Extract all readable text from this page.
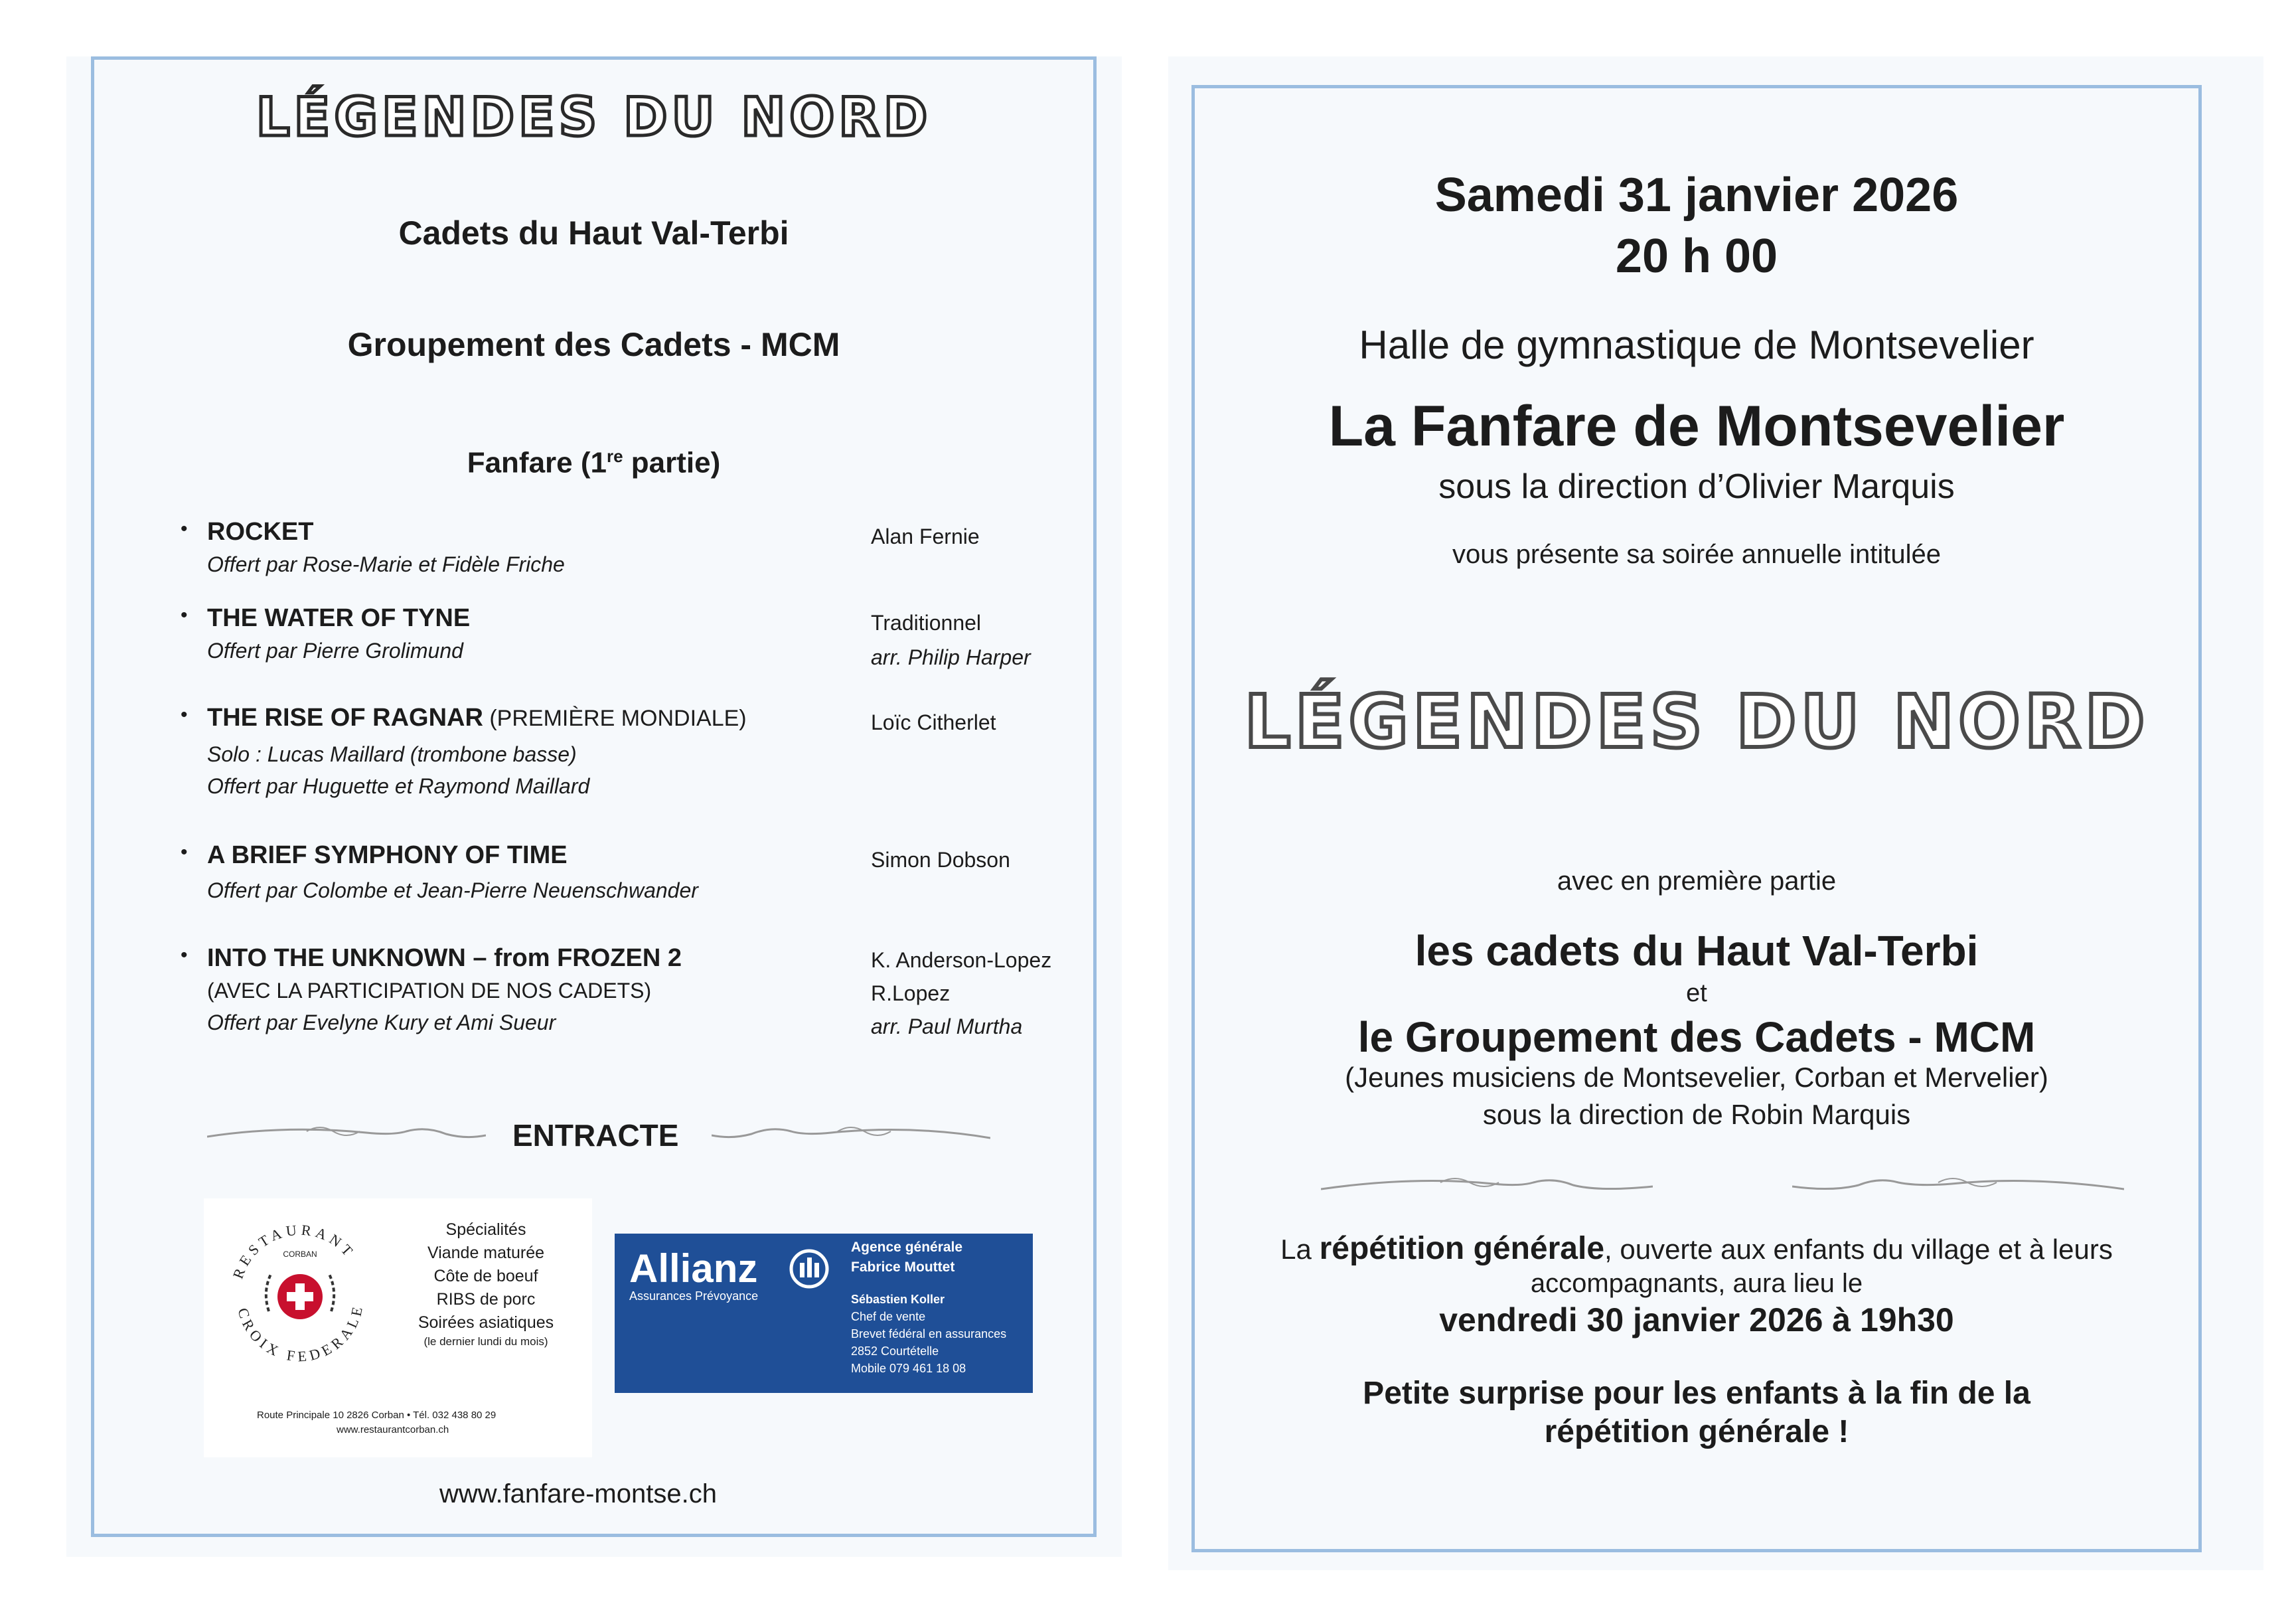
LÉGENDES DU NORD
Cadets du Haut Val-Terbi
Groupement des Cadets - MCM
Fanfare (1re partie)
• ROCKET
Offert par Rose-Marie et Fidèle Friche
Alan Fernie
• THE WATER OF TYNE
Offert par Pierre Grolimund
Traditionnel
arr. Philip Harper
• THE RISE OF RAGNAR (PREMIÈRE MONDIALE)
Solo : Lucas Maillard (trombone basse)
Offert par Huguette et Raymond Maillard
Loïc Citherlet
• A BRIEF SYMPHONY OF TIME
Offert par Colombe et Jean-Pierre Neuenschwander
Simon Dobson
• INTO THE UNKNOWN – from FROZEN 2
(AVEC LA PARTICIPATION DE NOS CADETS)
Offert par Evelyne Kury et Ami Sueur
K. Anderson-Lopez
R.Lopez
arr. Paul Murtha
ENTRACTE
RESTAURANT
CROIX FEDERALE
CORBAN
Spécialités
Viande maturée
Côte de boeuf
RIBS de porc
Soirées asiatiques
(le dernier lundi du mois)
Route Principale 10 2826 Corban • Tél. 032 438 80 29
www.restaurantcorban.ch
Allianz
Assurances Prévoyance
Agence générale
Fabrice Mouttet
Sébastien Koller
Chef de vente
Brevet fédéral en assurances
2852 Courtételle
Mobile 079 461 18 08
www.fanfare-montse.ch
Samedi 31 janvier 2026
20 h 00
Halle de gymnastique de Montsevelier
La Fanfare de Montsevelier
sous la direction d’Olivier Marquis
vous présente sa soirée annuelle intitulée
LÉGENDES DU NORD
avec en première partie
les cadets du Haut Val-Terbi
et
le Groupement des Cadets - MCM
(Jeunes musiciens de Montsevelier, Corban et Mervelier)
sous la direction de Robin Marquis
La répétition générale, ouverte aux enfants du village et à leurs
accompagnants, aura lieu le
vendredi 30 janvier 2026 à 19h30
Petite surprise pour les enfants à la fin de la
répétition générale !
